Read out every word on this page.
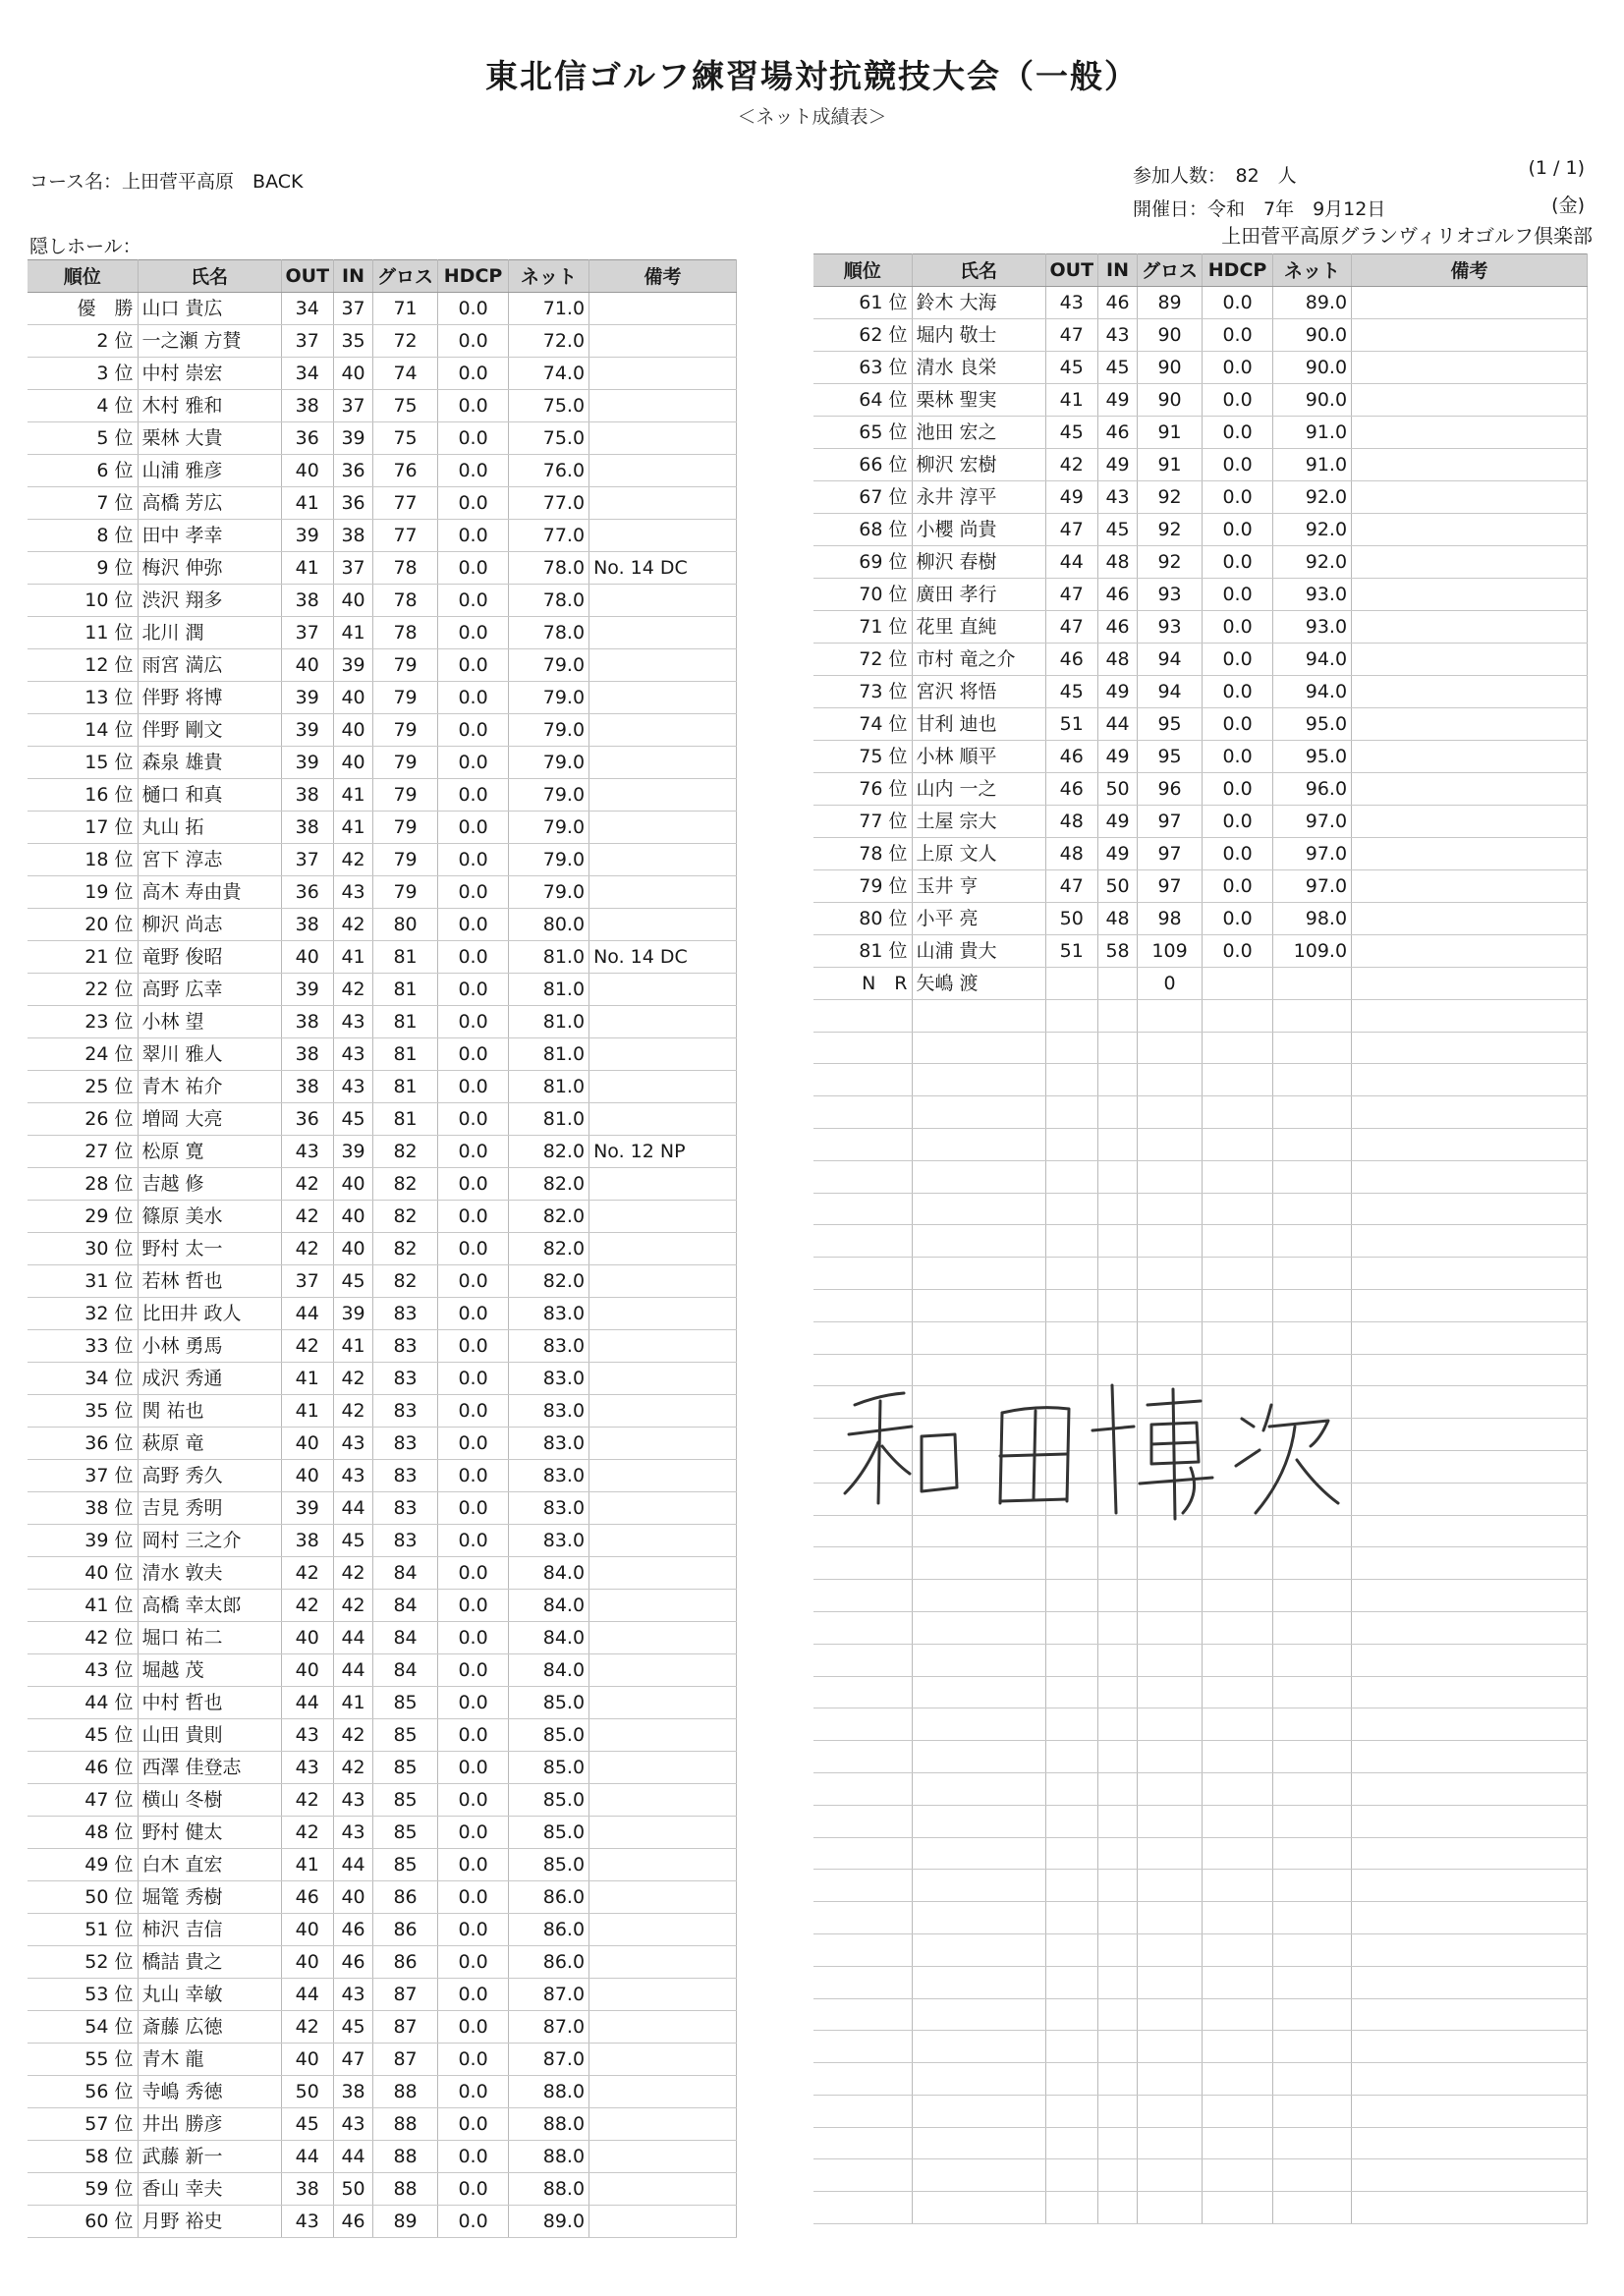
東北信ゴルフ練習場対抗競技大会（一般）
＜ネット成績表＞
コース名：上田菅平高原　BACK
隠しホール：
参加人数：　82　人	(1 / 1)
開催日：令和　7年　9月12日	(金)
上田菅平高原グランヴィリオゴルフ倶楽部
順位	氏名	OUT	IN	グロス	HDCP	ネット	備考
優　勝	山口 貴広	34	37	71	0.0	71.0	
2 位	一之瀬 方賛	37	35	72	0.0	72.0	
3 位	中村 崇宏	34	40	74	0.0	74.0	
4 位	木村 雅和	38	37	75	0.0	75.0	
5 位	栗林 大貴	36	39	75	0.0	75.0	
6 位	山浦 雅彦	40	36	76	0.0	76.0	
7 位	高橋 芳広	41	36	77	0.0	77.0	
8 位	田中 孝幸	39	38	77	0.0	77.0	
9 位	梅沢 伸弥	41	37	78	0.0	78.0	No. 14 DC
10 位	渋沢 翔多	38	40	78	0.0	78.0	
11 位	北川 潤	37	41	78	0.0	78.0	
12 位	雨宮 満広	40	39	79	0.0	79.0	
13 位	伴野 将博	39	40	79	0.0	79.0	
14 位	伴野 剛文	39	40	79	0.0	79.0	
15 位	森泉 雄貴	39	40	79	0.0	79.0	
16 位	樋口 和真	38	41	79	0.0	79.0	
17 位	丸山 拓	38	41	79	0.0	79.0	
18 位	宮下 淳志	37	42	79	0.0	79.0	
19 位	高木 寿由貴	36	43	79	0.0	79.0	
20 位	柳沢 尚志	38	42	80	0.0	80.0	
21 位	竜野 俊昭	40	41	81	0.0	81.0	No. 14 DC
22 位	高野 広幸	39	42	81	0.0	81.0	
23 位	小林 望	38	43	81	0.0	81.0	
24 位	翠川 雅人	38	43	81	0.0	81.0	
25 位	青木 祐介	38	43	81	0.0	81.0	
26 位	増岡 大亮	36	45	81	0.0	81.0	
27 位	松原 寛	43	39	82	0.0	82.0	No. 12 NP
28 位	吉越 修	42	40	82	0.0	82.0	
29 位	篠原 美水	42	40	82	0.0	82.0	
30 位	野村 太一	42	40	82	0.0	82.0	
31 位	若林 哲也	37	45	82	0.0	82.0	
32 位	比田井 政人	44	39	83	0.0	83.0	
33 位	小林 勇馬	42	41	83	0.0	83.0	
34 位	成沢 秀通	41	42	83	0.0	83.0	
35 位	関 祐也	41	42	83	0.0	83.0	
36 位	萩原 竜	40	43	83	0.0	83.0	
37 位	高野 秀久	40	43	83	0.0	83.0	
38 位	吉見 秀明	39	44	83	0.0	83.0	
39 位	岡村 三之介	38	45	83	0.0	83.0	
40 位	清水 敦夫	42	42	84	0.0	84.0	
41 位	高橋 幸太郎	42	42	84	0.0	84.0	
42 位	堀口 祐二	40	44	84	0.0	84.0	
43 位	堀越 茂	40	44	84	0.0	84.0	
44 位	中村 哲也	44	41	85	0.0	85.0	
45 位	山田 貴則	43	42	85	0.0	85.0	
46 位	西澤 佳登志	43	42	85	0.0	85.0	
47 位	横山 冬樹	42	43	85	0.0	85.0	
48 位	野村 健太	42	43	85	0.0	85.0	
49 位	白木 直宏	41	44	85	0.0	85.0	
50 位	堀篭 秀樹	46	40	86	0.0	86.0	
51 位	柿沢 吉信	40	46	86	0.0	86.0	
52 位	橋詰 貴之	40	46	86	0.0	86.0	
53 位	丸山 幸敏	44	43	87	0.0	87.0	
54 位	斎藤 広徳	42	45	87	0.0	87.0	
55 位	青木 龍	40	47	87	0.0	87.0	
56 位	寺嶋 秀徳	50	38	88	0.0	88.0	
57 位	井出 勝彦	45	43	88	0.0	88.0	
58 位	武藤 新一	44	44	88	0.0	88.0	
59 位	香山 幸夫	38	50	88	0.0	88.0	
60 位	月野 裕史	43	46	89	0.0	89.0	
順位	氏名	OUT	IN	グロス	HDCP	ネット	備考
61 位	鈴木 大海	43	46	89	0.0	89.0	
62 位	堀内 敬士	47	43	90	0.0	90.0	
63 位	清水 良栄	45	45	90	0.0	90.0	
64 位	栗林 聖実	41	49	90	0.0	90.0	
65 位	池田 宏之	45	46	91	0.0	91.0	
66 位	柳沢 宏樹	42	49	91	0.0	91.0	
67 位	永井 淳平	49	43	92	0.0	92.0	
68 位	小櫻 尚貴	47	45	92	0.0	92.0	
69 位	柳沢 春樹	44	48	92	0.0	92.0	
70 位	廣田 孝行	47	46	93	0.0	93.0	
71 位	花里 直純	47	46	93	0.0	93.0	
72 位	市村 竜之介	46	48	94	0.0	94.0	
73 位	宮沢 将悟	45	49	94	0.0	94.0	
74 位	甘利 迪也	51	44	95	0.0	95.0	
75 位	小林 順平	46	49	95	0.0	95.0	
76 位	山内 一之	46	50	96	0.0	96.0	
77 位	土屋 宗大	48	49	97	0.0	97.0	
78 位	上原 文人	48	49	97	0.0	97.0	
79 位	玉井 亨	47	50	97	0.0	97.0	
80 位	小平 亮	50	48	98	0.0	98.0	
81 位	山浦 貴大	51	58	109	0.0	109.0	
N　R	矢嶋 渡			0			
